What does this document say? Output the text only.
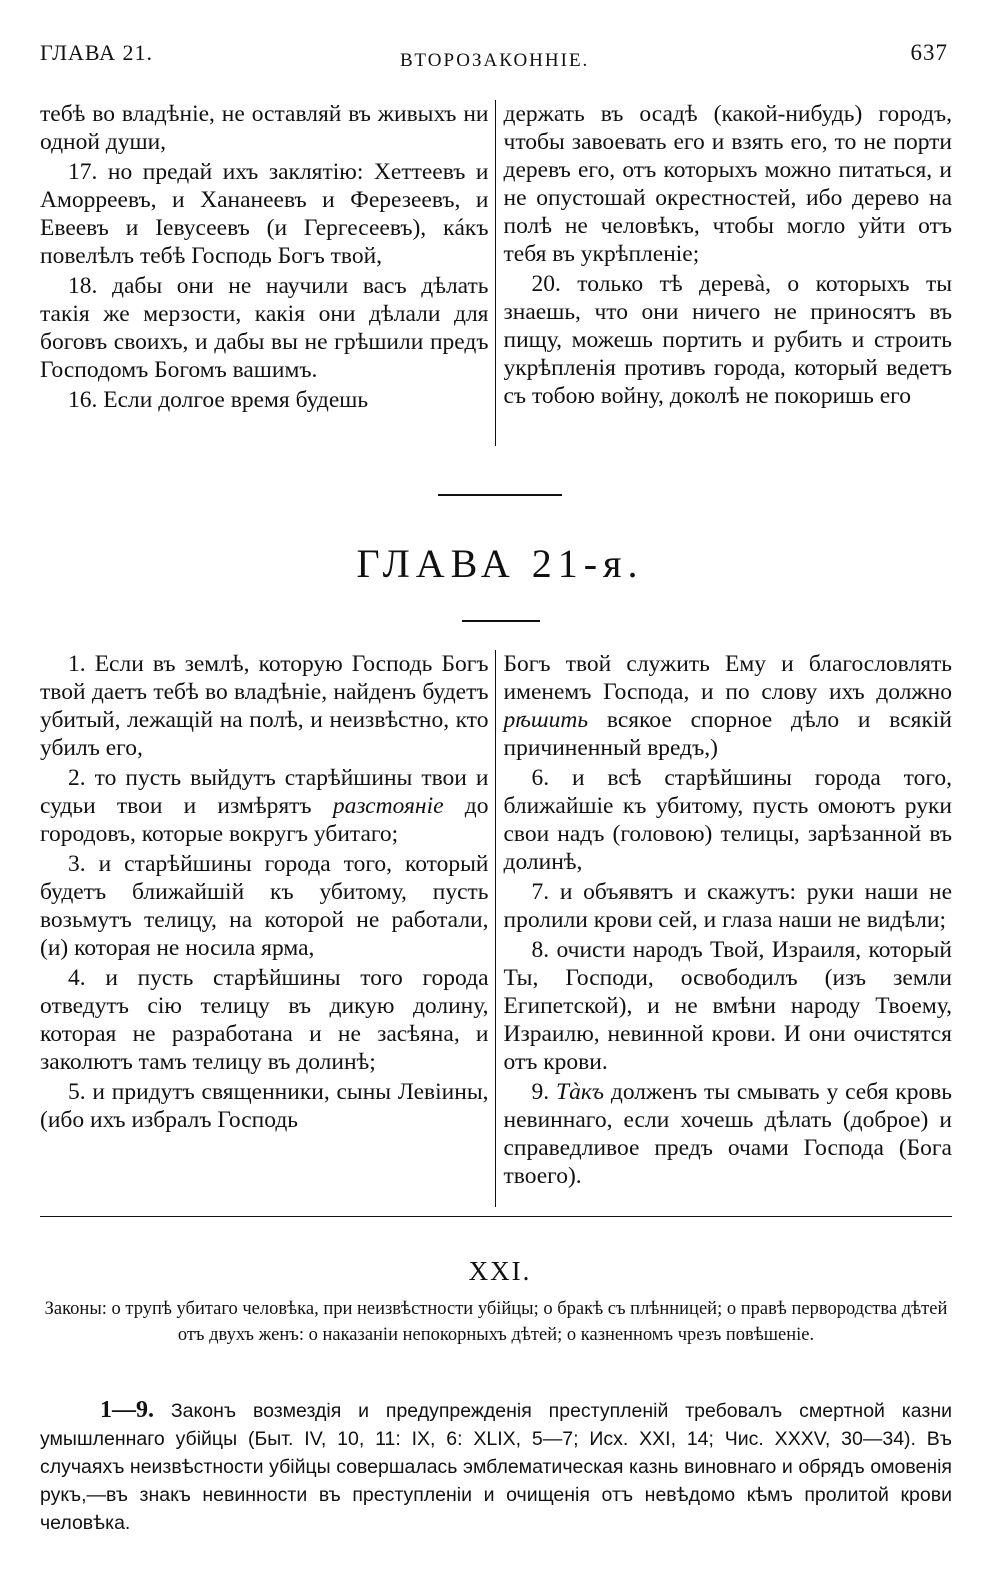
ГЛАВА 21.	ВТОРОЗАКОННІЕ.	637

тебѣ во владѣніе, не оставляй въ живыхъ ни одной души,

17. но предай ихъ заклятію: Хеттеевъ и Аморреевъ, и Хананеевъ и Ферезеевъ, и Евеевъ и Іевусеевъ (и Гергесеевъ), кáкъ повелѣлъ тебѣ Господь Богъ твой,

18. дабы они не научили васъ дѣлать такія же мерзости, какія они дѣлали для боговъ своихъ, и дабы вы не грѣшили предъ Господомъ Богомъ вашимъ.

16. Если долгое время будешь

держать въ осадѣ (какой-нибудь) городъ, чтобы завоевать его и взять его, то не порти деревъ его, отъ которыхъ можно питаться, и не опустошай окрестностей, ибо дерево на полѣ не человѣкъ, чтобы могло уйти отъ тебя въ укрѣпленіе;

20. только тѣ деревà, о которыхъ ты знаешь, что они ничего не приносятъ въ пищу, можешь портить и рубить и строить укрѣпленія противъ города, который ведетъ съ тобою войну, доколѣ не покоришь его

ГЛАВА 21-я.

1. Если въ землѣ, которую Господь Богъ твой даетъ тебѣ во владѣніе, найденъ будетъ убитый, лежащій на полѣ, и неизвѣстно, кто убилъ его,

2. то пусть выйдутъ старѣйшины твои и судьи твои и измѣрятъ разстояніе до городовъ, которые вокругъ убитаго;

3. и старѣйшины города того, который будетъ ближайшій къ убитому, пусть возьмутъ телицу, на которой не работали, (и) которая не носила ярма,

4. и пусть старѣйшины того города отведутъ сію телицу въ дикую долину, которая не разработана и не засѣяна, и заколютъ тамъ телицу въ долинѣ;

5. и придутъ священники, сыны Левіины, (ибо ихъ избралъ Господь

Богъ твой служить Ему и благословлять именемъ Господа, и по слову ихъ должно рѣшить всякое спорное дѣло и всякій причиненный вредъ,)

6. и всѣ старѣйшины города того, ближайшіе къ убитому, пусть омоютъ руки свои надъ (головою) телицы, зарѣзанной въ долинѣ,

7. и объявятъ и скажутъ: руки наши не пролили крови сей, и глаза наши не видѣли;

8. очисти народъ Твой, Израиля, который Ты, Господи, освободилъ (изъ земли Египетской), и не вмѣни народу Твоему, Израилю, невинной крови. И они очистятся отъ крови.

9. Тàкъ долженъ ты смывать у себя кровь невиннаго, если хочешь дѣлать (доброе) и справедливое предъ очами Господа (Бога твоего).

XXI.
Законы: о трупѣ убитаго человѣка, при неизвѣстности убійцы; о бракѣ съ плѣнницей; о правѣ первородства дѣтей отъ двухъ женъ: о наказаніи непокорныхъ дѣтей; о казненномъ чрезъ повѣшеніе.
1—9. Законъ возмездія и предупрежденія преступленій требовалъ смертной казни умышленнаго убійцы (Быт. IV, 10, 11: IX, 6: XLIX, 5—7; Исх. XXI, 14; Чис. XXXV, 30—34). Въ случаяхъ неизвѣстности убійцы совершалась эмблематическая казнь виновнаго и обрядъ омовенія рукъ,—въ знакъ невинности въ преступленіи и очищенія отъ невѣдомо кѣмъ пролитой крови человѣка.
